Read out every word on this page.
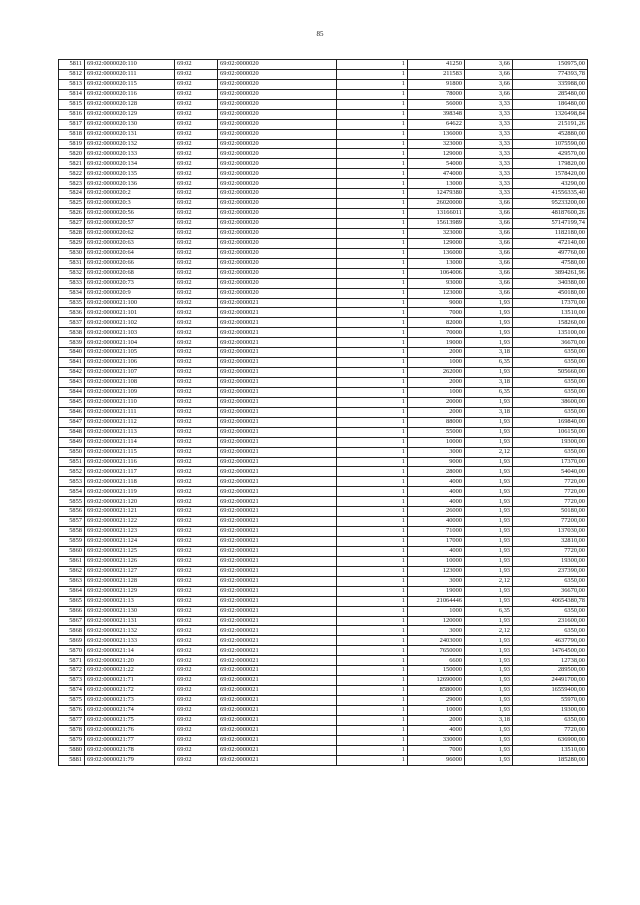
85
5811	69:02:0000020:110	69:02	69:02:0000020	1	41250	3,66	150975,00
5812	69:02:0000020:111	69:02	69:02:0000020	1	211583	3,66	774393,78
5813	69:02:0000020:115	69:02	69:02:0000020	1	91800	3,66	335988,00
5814	69:02:0000020:116	69:02	69:02:0000020	1	78000	3,66	285480,00
5815	69:02:0000020:128	69:02	69:02:0000020	1	56000	3,33	186480,00
5816	69:02:0000020:129	69:02	69:02:0000020	1	398348	3,33	1326498,84
5817	69:02:0000020:130	69:02	69:02:0000020	1	64622	3,33	215191,26
5818	69:02:0000020:131	69:02	69:02:0000020	1	136000	3,33	452880,00
5819	69:02:0000020:132	69:02	69:02:0000020	1	323000	3,33	1075590,00
5820	69:02:0000020:133	69:02	69:02:0000020	1	129000	3,33	429570,00
5821	69:02:0000020:134	69:02	69:02:0000020	1	54000	3,33	179820,00
5822	69:02:0000020:135	69:02	69:02:0000020	1	474000	3,33	1578420,00
5823	69:02:0000020:136	69:02	69:02:0000020	1	13000	3,33	43290,00
5824	69:02:0000020:2	69:02	69:02:0000020	1	12479380	3,33	41556335,40
5825	69:02:0000020:3	69:02	69:02:0000020	1	26020000	3,66	95233200,00
5826	69:02:0000020:56	69:02	69:02:0000020	1	13166011	3,66	48187600,26
5827	69:02:0000020:57	69:02	69:02:0000020	1	15613989	3,66	57147199,74
5828	69:02:0000020:62	69:02	69:02:0000020	1	323000	3,66	1182180,00
5829	69:02:0000020:63	69:02	69:02:0000020	1	129000	3,66	472140,00
5830	69:02:0000020:64	69:02	69:02:0000020	1	136000	3,66	497760,00
5831	69:02:0000020:66	69:02	69:02:0000020	1	13000	3,66	47580,00
5832	69:02:0000020:68	69:02	69:02:0000020	1	1064006	3,66	3894261,96
5833	69:02:0000020:73	69:02	69:02:0000020	1	93000	3,66	340380,00
5834	69:02:0000020:9	69:02	69:02:0000020	1	123000	3,66	450180,00
5835	69:02:0000021:100	69:02	69:02:0000021	1	9000	1,93	17370,00
5836	69:02:0000021:101	69:02	69:02:0000021	1	7000	1,93	13510,00
5837	69:02:0000021:102	69:02	69:02:0000021	1	82000	1,93	158260,00
5838	69:02:0000021:103	69:02	69:02:0000021	1	70000	1,93	135100,00
5839	69:02:0000021:104	69:02	69:02:0000021	1	19000	1,93	36670,00
5840	69:02:0000021:105	69:02	69:02:0000021	1	2000	3,18	6350,00
5841	69:02:0000021:106	69:02	69:02:0000021	1	1000	6,35	6350,00
5842	69:02:0000021:107	69:02	69:02:0000021	1	262000	1,93	505660,00
5843	69:02:0000021:108	69:02	69:02:0000021	1	2000	3,18	6350,00
5844	69:02:0000021:109	69:02	69:02:0000021	1	1000	6,35	6350,00
5845	69:02:0000021:110	69:02	69:02:0000021	1	20000	1,93	38600,00
5846	69:02:0000021:111	69:02	69:02:0000021	1	2000	3,18	6350,00
5847	69:02:0000021:112	69:02	69:02:0000021	1	88000	1,93	169840,00
5848	69:02:0000021:113	69:02	69:02:0000021	1	55000	1,93	106150,00
5849	69:02:0000021:114	69:02	69:02:0000021	1	10000	1,93	19300,00
5850	69:02:0000021:115	69:02	69:02:0000021	1	3000	2,12	6350,00
5851	69:02:0000021:116	69:02	69:02:0000021	1	9000	1,93	17370,00
5852	69:02:0000021:117	69:02	69:02:0000021	1	28000	1,93	54040,00
5853	69:02:0000021:118	69:02	69:02:0000021	1	4000	1,93	7720,00
5854	69:02:0000021:119	69:02	69:02:0000021	1	4000	1,93	7720,00
5855	69:02:0000021:120	69:02	69:02:0000021	1	4000	1,93	7720,00
5856	69:02:0000021:121	69:02	69:02:0000021	1	26000	1,93	50180,00
5857	69:02:0000021:122	69:02	69:02:0000021	1	40000	1,93	77200,00
5858	69:02:0000021:123	69:02	69:02:0000021	1	71000	1,93	137030,00
5859	69:02:0000021:124	69:02	69:02:0000021	1	17000	1,93	32810,00
5860	69:02:0000021:125	69:02	69:02:0000021	1	4000	1,93	7720,00
5861	69:02:0000021:126	69:02	69:02:0000021	1	10000	1,93	19300,00
5862	69:02:0000021:127	69:02	69:02:0000021	1	123000	1,93	237390,00
5863	69:02:0000021:128	69:02	69:02:0000021	1	3000	2,12	6350,00
5864	69:02:0000021:129	69:02	69:02:0000021	1	19000	1,93	36670,00
5865	69:02:0000021:13	69:02	69:02:0000021	1	21064446	1,93	40654380,78
5866	69:02:0000021:130	69:02	69:02:0000021	1	1000	6,35	6350,00
5867	69:02:0000021:131	69:02	69:02:0000021	1	120000	1,93	231600,00
5868	69:02:0000021:132	69:02	69:02:0000021	1	3000	2,12	6350,00
5869	69:02:0000021:133	69:02	69:02:0000021	1	2403000	1,93	4637790,00
5870	69:02:0000021:14	69:02	69:02:0000021	1	7650000	1,93	14764500,00
5871	69:02:0000021:20	69:02	69:02:0000021	1	6600	1,93	12738,00
5872	69:02:0000021:22	69:02	69:02:0000021	1	150000	1,93	289500,00
5873	69:02:0000021:71	69:02	69:02:0000021	1	12690000	1,93	24491700,00
5874	69:02:0000021:72	69:02	69:02:0000021	1	8580000	1,93	16559400,00
5875	69:02:0000021:73	69:02	69:02:0000021	1	29000	1,93	55970,00
5876	69:02:0000021:74	69:02	69:02:0000021	1	10000	1,93	19300,00
5877	69:02:0000021:75	69:02	69:02:0000021	1	2000	3,18	6350,00
5878	69:02:0000021:76	69:02	69:02:0000021	1	4000	1,93	7720,00
5879	69:02:0000021:77	69:02	69:02:0000021	1	330000	1,93	636900,00
5880	69:02:0000021:78	69:02	69:02:0000021	1	7000	1,93	13510,00
5881	69:02:0000021:79	69:02	69:02:0000021	1	96000	1,93	185280,00
